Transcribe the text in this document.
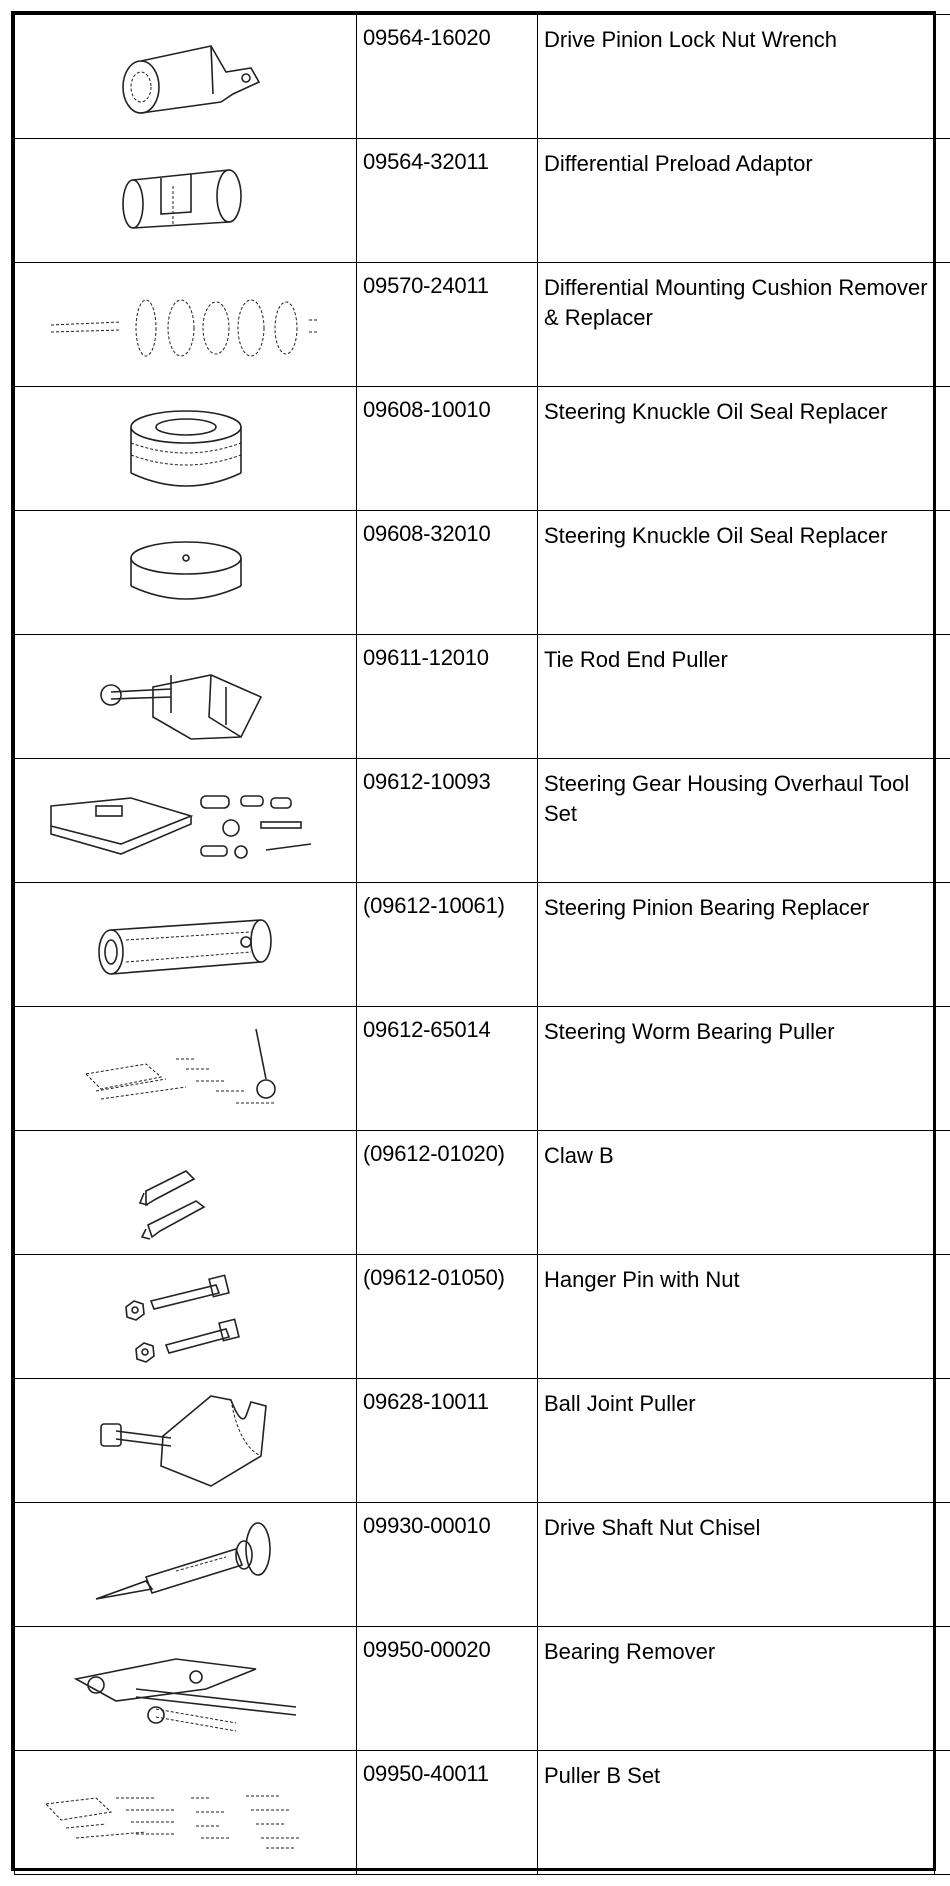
	09564-16020	Drive Pinion Lock Nut Wrench	

	09564-32011	Differential Preload Adaptor	

	09570-24011	Differential Mounting Cushion Remover & Replacer	

	09608-10010	Steering Knuckle Oil Seal Replacer	

	09608-32010	Steering Knuckle Oil Seal Replacer	

	09611-12010	Tie Rod End Puller	

	09612-10093	Steering Gear Housing Overhaul Tool Set	

	(09612-10061)	Steering Pinion Bearing Replacer	

	09612-65014	Steering Worm Bearing Puller	

	(09612-01020)	Claw B	

	(09612-01050)	Hanger Pin with Nut	

	09628-10011	Ball Joint Puller	

	09930-00010	Drive Shaft Nut Chisel	

	09950-00020	Bearing Remover	

	09950-40011	Puller B Set	
